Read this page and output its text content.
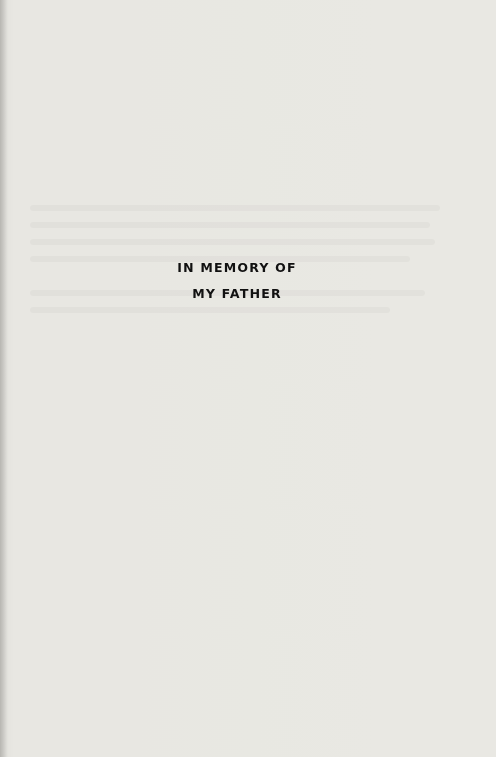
IN MEMORY OF
MY FATHER
